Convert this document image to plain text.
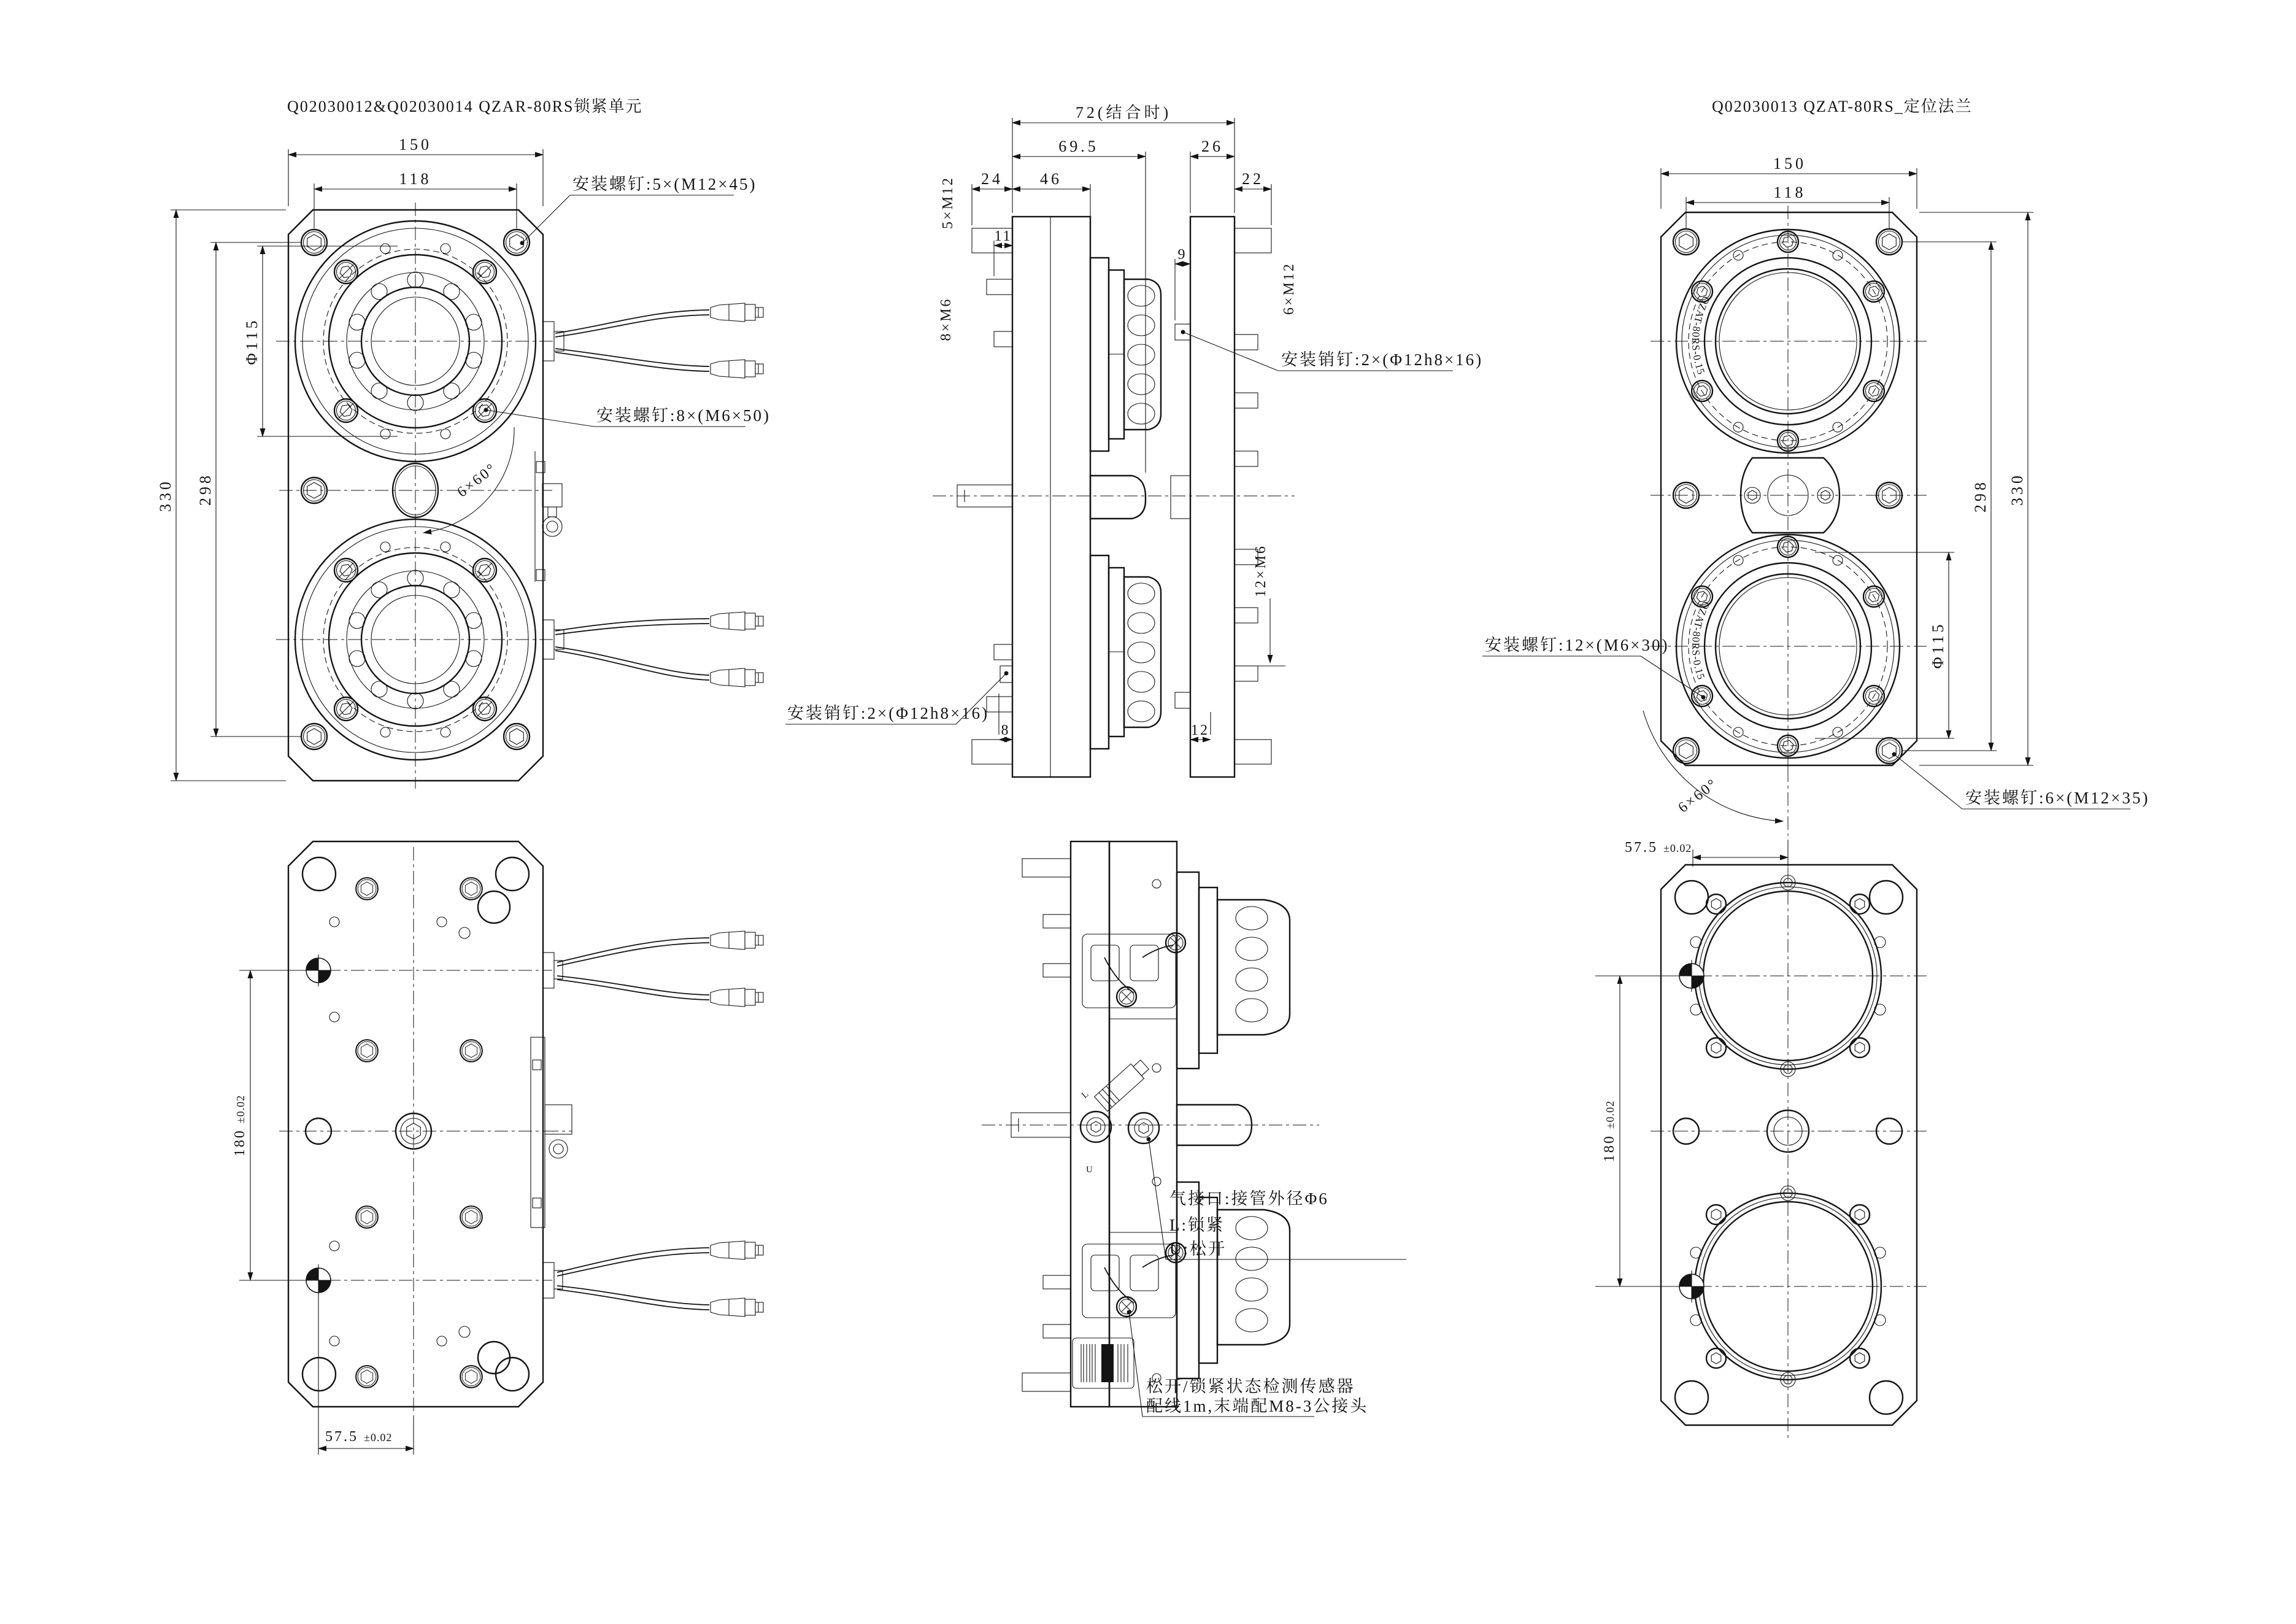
Q02030012&Q02030014 QZAR-80RS锁紧单元	Q02030013 QZAT-80RS_定位法兰
150
118
330 298
Φ115
6×60°
安装螺钉:5×(M12×45)
安装螺钉:8×(M6×50)
72(结合时)
69.5
46
26
22
24
11
9
12
8
5×M12
8×M6
6×M12
12×M6
安装销钉:2×(Φ12h8×16)
安装销钉:2×(Φ12h8×16)
QZAT-80RS-0.15
QZAT-80RS-0.15
150
118
298 330
Φ115
6×60°
57.5 ±0.02
安装螺钉:12×(M6×30)
安装螺钉:6×(M12×35)
180 ±0.02
180 ±0.02
57.5 ±0.02
L
U
气接口:接管外径Φ6
L:锁紧
U:松开
松开/锁紧状态检测传感器
配线1m,末端配M8-3公接头
